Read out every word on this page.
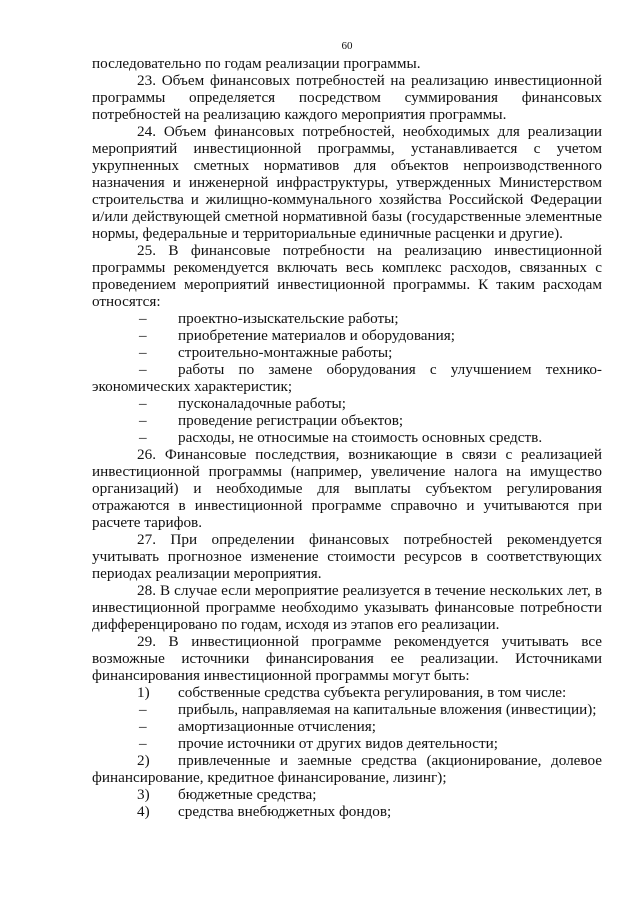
60

последовательно по годам реализации программы.

23. Объем финансовых потребностей на реализацию инвестиционной программы определяется посредством суммирования финансовых потребностей на реализацию каждого мероприятия программы.

24. Объем финансовых потребностей, необходимых для реализации мероприятий инвестиционной программы, устанавливается с учетом укрупненных сметных нормативов для объектов непроизводственного назначения и инженерной инфраструктуры, утвержденных Министерством строительства и жилищно-коммунального хозяйства Российской Федерации и/или действующей сметной нормативной базы (государственные элементные нормы, федеральные и территориальные единичные расценки и другие).

25. В финансовые потребности на реализацию инвестиционной программы рекомендуется включать весь комплекс расходов, связанных с проведением мероприятий инвестиционной программы. К таким расходам относятся:

– проектно-изыскательские работы;

– приобретение материалов и оборудования;

– строительно-монтажные работы;

– работы по замене оборудования с улучшением технико-экономических характеристик;

– пусконаладочные работы;

– проведение регистрации объектов;

– расходы, не относимые на стоимость основных средств.

26. Финансовые последствия, возникающие в связи с реализацией инвестиционной программы (например, увеличение налога на имущество организаций) и необходимые для выплаты субъектом регулирования отражаются в инвестиционной программе справочно и учитываются при расчете тарифов.

27. При определении финансовых потребностей рекомендуется учитывать прогнозное изменение стоимости ресурсов в соответствующих периодах реализации мероприятия.

28. В случае если мероприятие реализуется в течение нескольких лет, в инвестиционной программе необходимо указывать финансовые потребности дифференцировано по годам, исходя из этапов его реализации.

29. В инвестиционной программе рекомендуется учитывать все возможные источники финансирования ее реализации. Источниками финансирования инвестиционной программы могут быть:

1) собственные средства субъекта регулирования, в том числе:

– прибыль, направляемая на капитальные вложения (инвестиции);

– амортизационные отчисления;

– прочие источники от других видов деятельности;

2) привлеченные и заемные средства (акционирование, долевое финансирование, кредитное финансирование, лизинг);

3) бюджетные средства;

4) средства внебюджетных фондов;
